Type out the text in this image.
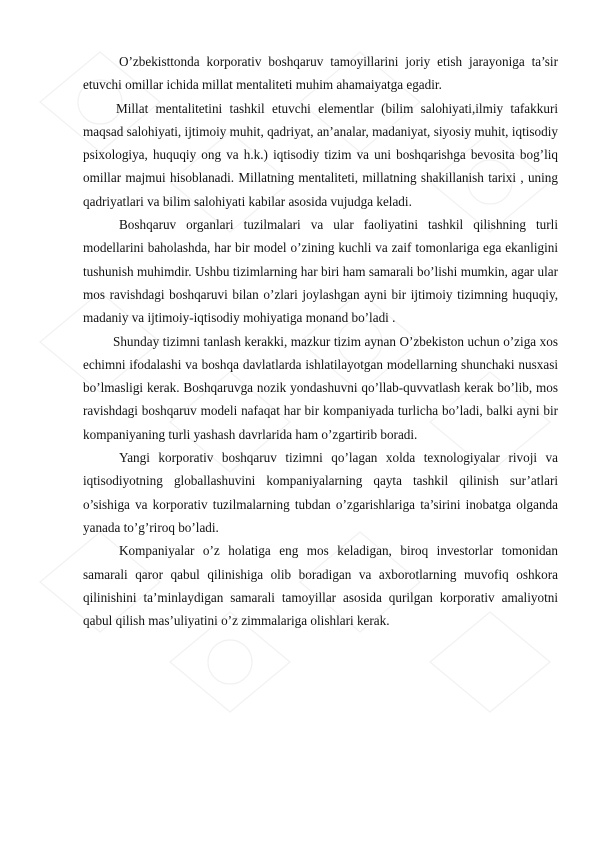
O’zbekisttonda korporativ boshqaruv tamoyillarini joriy etish jarayoniga ta’sir etuvchi omillar ichida millat mentaliteti muhim ahamaiyatga egadir.

Millat mentalitetini tashkil etuvchi elementlar (bilim salohiyati,ilmiy tafakkuri maqsad salohiyati, ijtimoiy muhit, qadriyat, an’analar, madaniyat, siyosiy muhit, iqtisodiy psixologiya, huquqiy ong va h.k.) iqtisodiy tizim va uni boshqarishga bevosita bog’liq omillar majmui hisoblanadi. Millatning mentaliteti, millatning shakillanish tarixi , uning qadriyatlari va bilim salohiyati kabilar asosida vujudga keladi.

Boshqaruv organlari tuzilmalari va ular faoliyatini tashkil qilishning turli modellarini baholashda, har bir model o’zining kuchli va zaif tomonlariga ega ekanligini tushunish muhimdir. Ushbu tizimlarning har biri ham samarali bo’lishi mumkin, agar ular mos ravishdagi boshqaruvi bilan o’zlari joylashgan ayni bir ijtimoiy tizimning huquqiy, madaniy va ijtimoiy-iqtisodiy mohiyatiga monand bo’ladi .

Shunday tizimni tanlash kerakki, mazkur tizim aynan O’zbekiston uchun o’ziga xos echimni ifodalashi va boshqa davlatlarda ishlatilayotgan modellarning shunchaki nusxasi bo’lmasligi kerak. Boshqaruvga nozik yondashuvni qo’llab-quvvatlash kerak bo’lib, mos ravishdagi boshqaruv modeli nafaqat har bir kompaniyada turlicha bo’ladi, balki ayni bir kompaniyaning turli yashash davrlarida ham o’zgartirib boradi.

Yangi korporativ boshqaruv tizimni qo’lagan xolda texnologiyalar rivoji va iqtisodiyotning globallashuvini kompaniyalarning qayta tashkil qilinish sur’atlari o’sishiga va korporativ tuzilmalarning tubdan o’zgarishlariga ta’sirini inobatga olganda yanada to’g’riroq bo’ladi.

Kompaniyalar o’z holatiga eng mos keladigan, biroq investorlar tomonidan samarali qaror qabul qilinishiga olib boradigan va axborotlarning muvofiq oshkora qilinishini ta’minlaydigan samarali tamoyillar asosida qurilgan korporativ amaliyotni qabul qilish mas’uliyatini o’z zimmalariga olishlari kerak.
